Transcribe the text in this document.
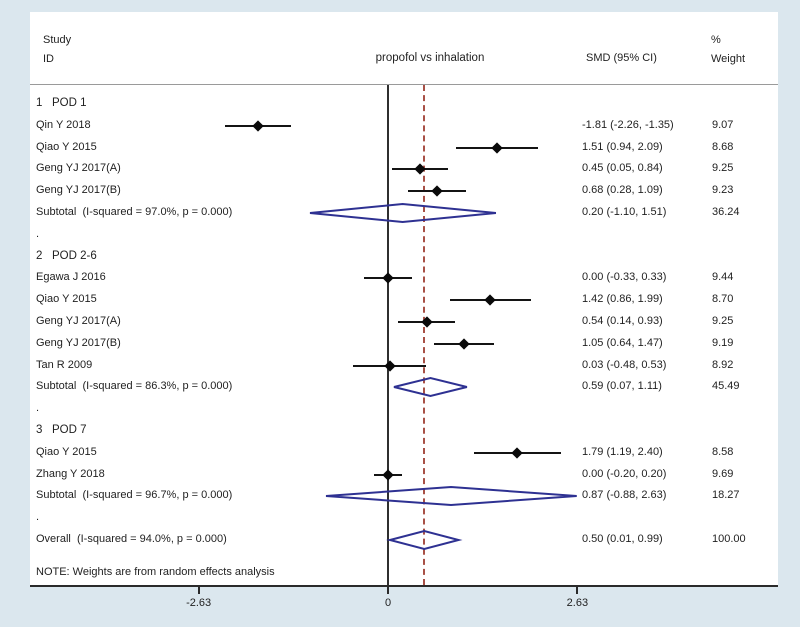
Study
ID	propofol vs inhalation	SMD (95% CI)
%
Weight
1   POD 1
Qin Y 2018	-1.81 (-2.26, -1.35)	9.07
Qiao Y 2015	1.51 (0.94, 2.09)	8.68
Geng YJ 2017(A)	0.45 (0.05, 0.84)	9.25
Geng YJ 2017(B)	0.68 (0.28, 1.09)	9.23
Subtotal  (I-squared = 97.0%, p = 0.000)	0.20 (-1.10, 1.51)	36.24
.
2   POD 2-6
Egawa J 2016	0.00 (-0.33, 0.33)	9.44
Qiao Y 2015	1.42 (0.86, 1.99)	8.70
Geng YJ 2017(A)	0.54 (0.14, 0.93)	9.25
Geng YJ 2017(B)	1.05 (0.64, 1.47)	9.19
Tan R 2009	0.03 (-0.48, 0.53)	8.92
Subtotal  (I-squared = 86.3%, p = 0.000)	0.59 (0.07, 1.11)	45.49
.
3   POD 7
Qiao Y 2015	1.79 (1.19, 2.40)	8.58
Zhang Y 2018	0.00 (-0.20, 0.20)	9.69
Subtotal  (I-squared = 96.7%, p = 0.000)	0.87 (-0.88, 2.63)	18.27
.
Overall  (I-squared = 94.0%, p = 0.000)	0.50 (0.01, 0.99)	100.00
NOTE: Weights are from random effects analysis
-2.63	0	2.63
